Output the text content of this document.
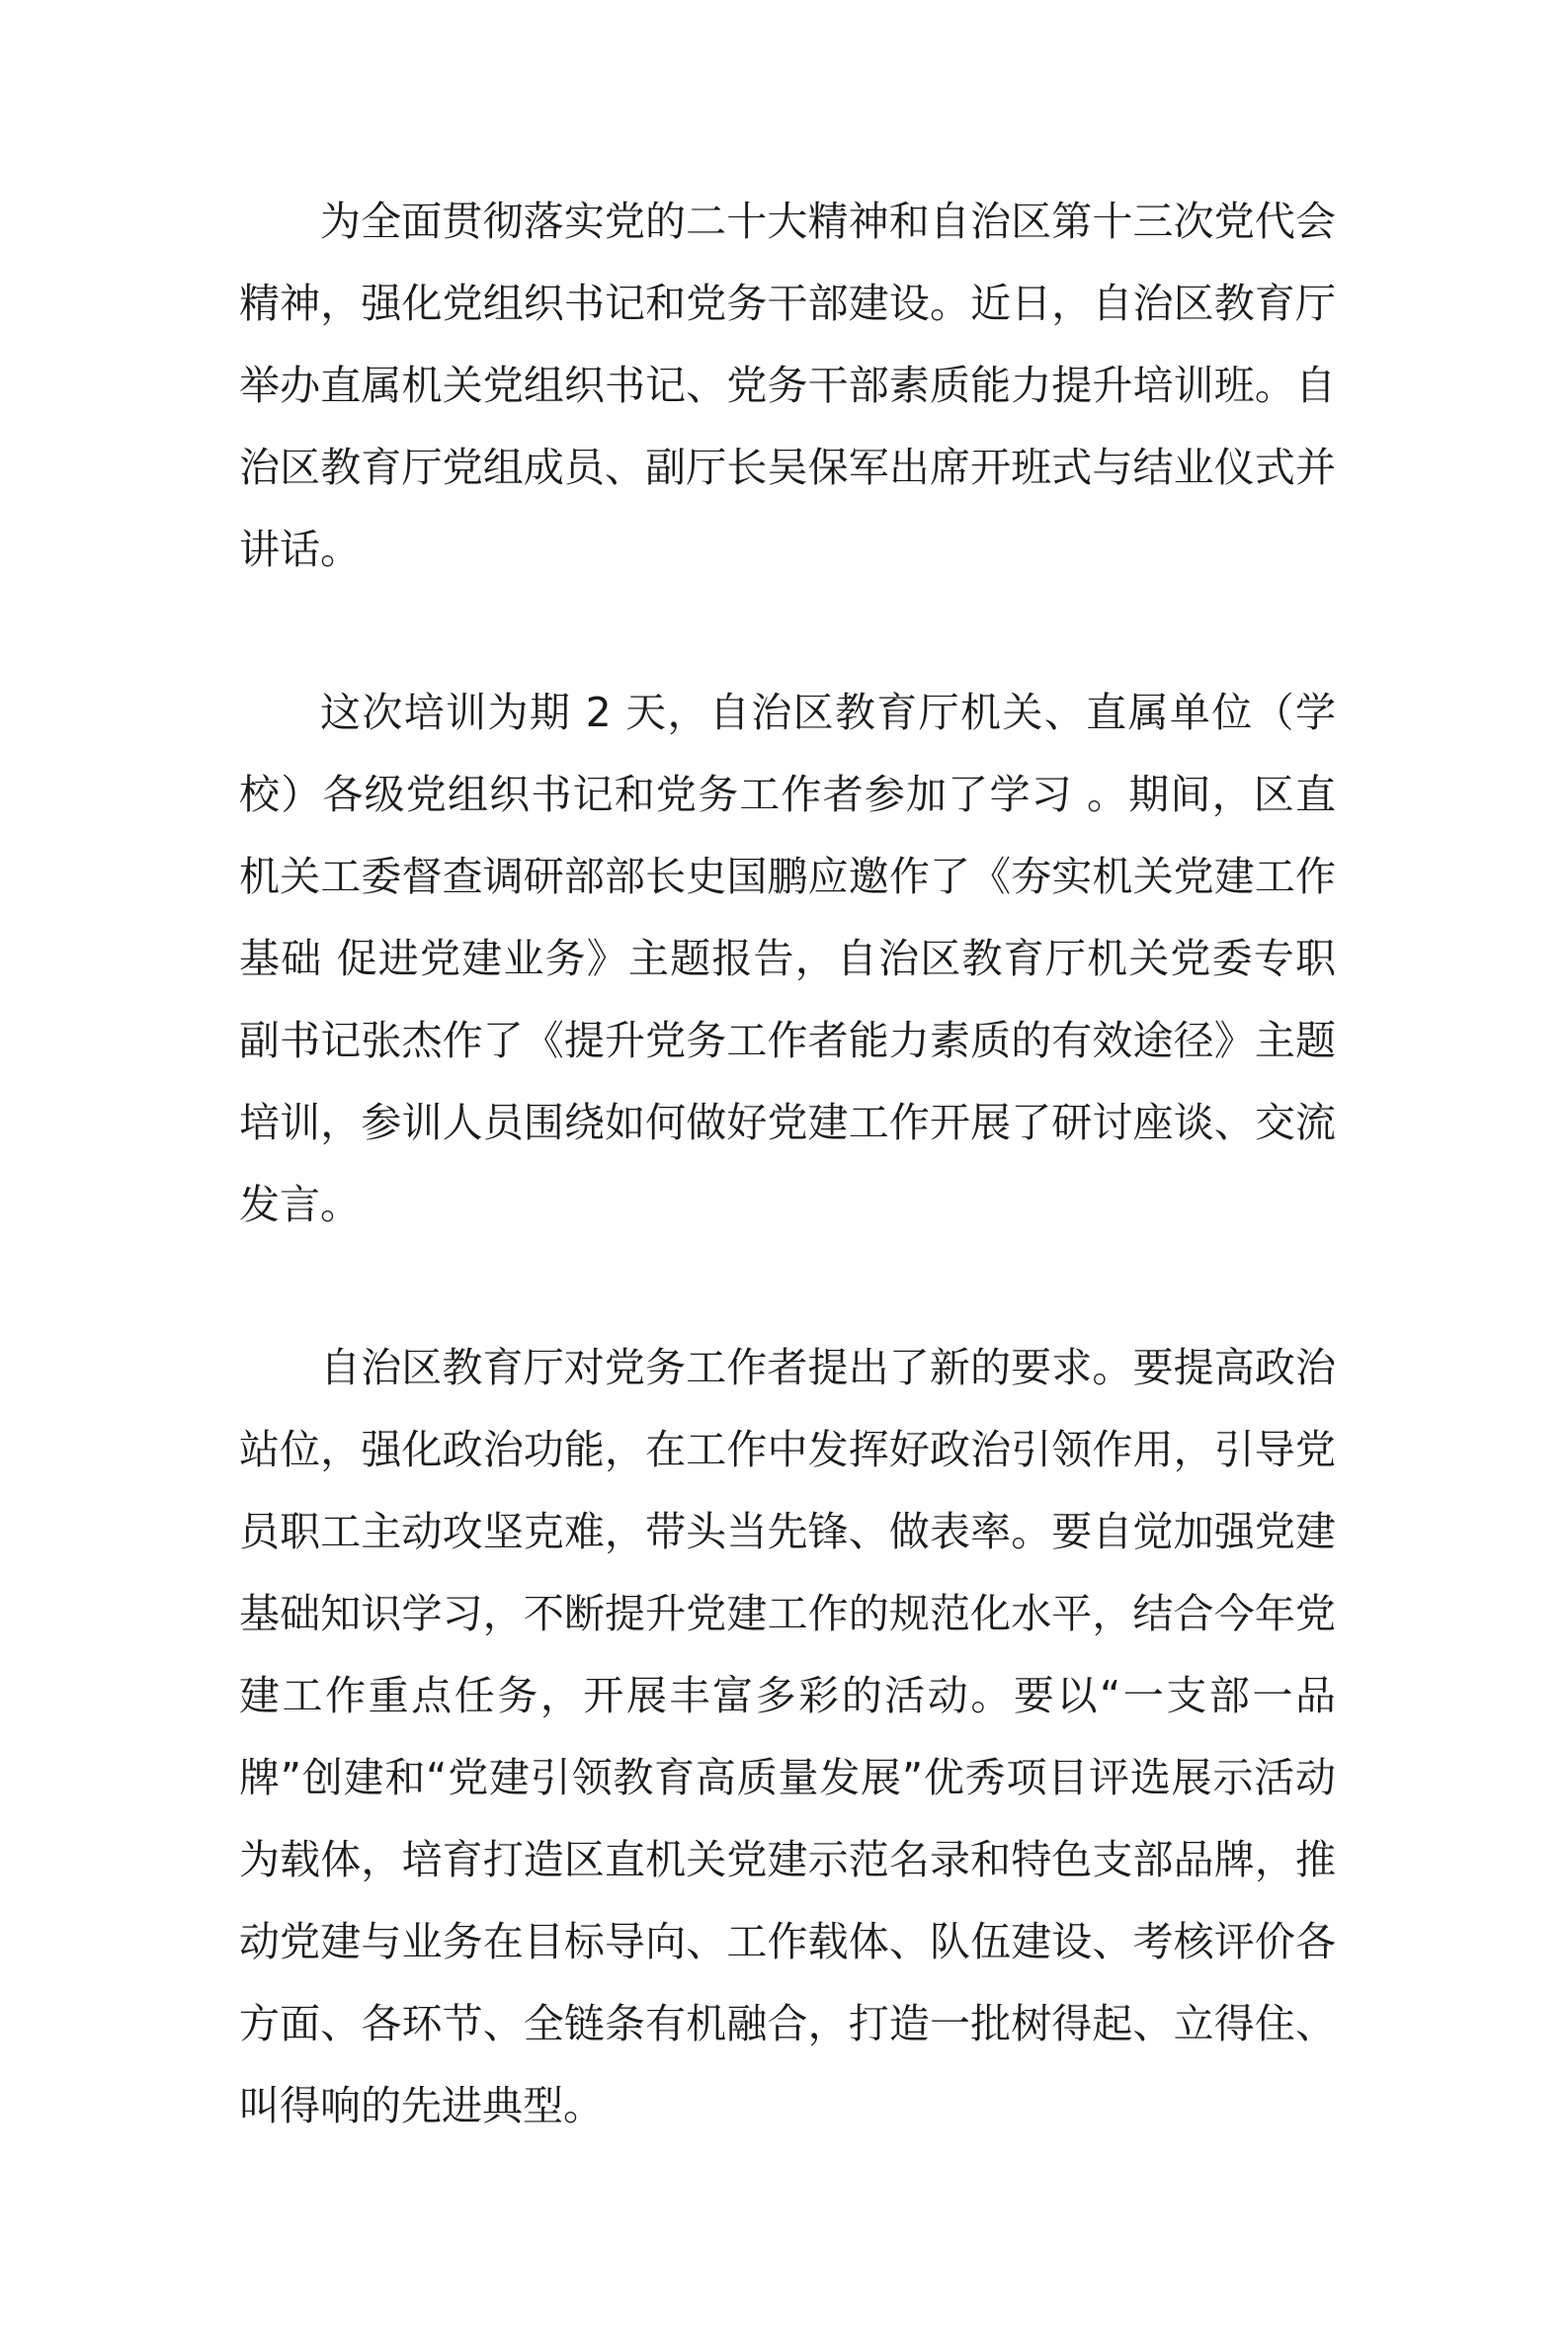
为全面贯彻落实党的二十大精神和自治区第十三次党代会精神，强化党组织书记和党务干部建设。近日，自治区教育厅举办直属机关党组织书记、党务干部素质能力提升培训班。自治区教育厅党组成员、副厅长吴保军出席开班式与结业仪式并讲话。

这次培训为期 2 天，自治区教育厅机关、直属单位（学校）各级党组织书记和党务工作者参加了学习 。期间，区直机关工委督查调研部部长史国鹏应邀作了《夯实机关党建工作基础 促进党建业务》主题报告，自治区教育厅机关党委专职副书记张杰作了《提升党务工作者能力素质的有效途径》主题培训，参训人员围绕如何做好党建工作开展了研讨座谈、交流发言。

自治区教育厅对党务工作者提出了新的要求。要提高政治站位，强化政治功能，在工作中发挥好政治引领作用，引导党员职工主动攻坚克难，带头当先锋、做表率。要自觉加强党建基础知识学习，不断提升党建工作的规范化水平，结合今年党建工作重点任务，开展丰富多彩的活动。要以“一支部一品牌”创建和“党建引领教育高质量发展”优秀项目评选展示活动为载体，培育打造区直机关党建示范名录和特色支部品牌，推动党建与业务在目标导向、工作载体、队伍建设、考核评价各方面、各环节、全链条有机融合，打造一批树得起、立得住、叫得响的先进典型。
